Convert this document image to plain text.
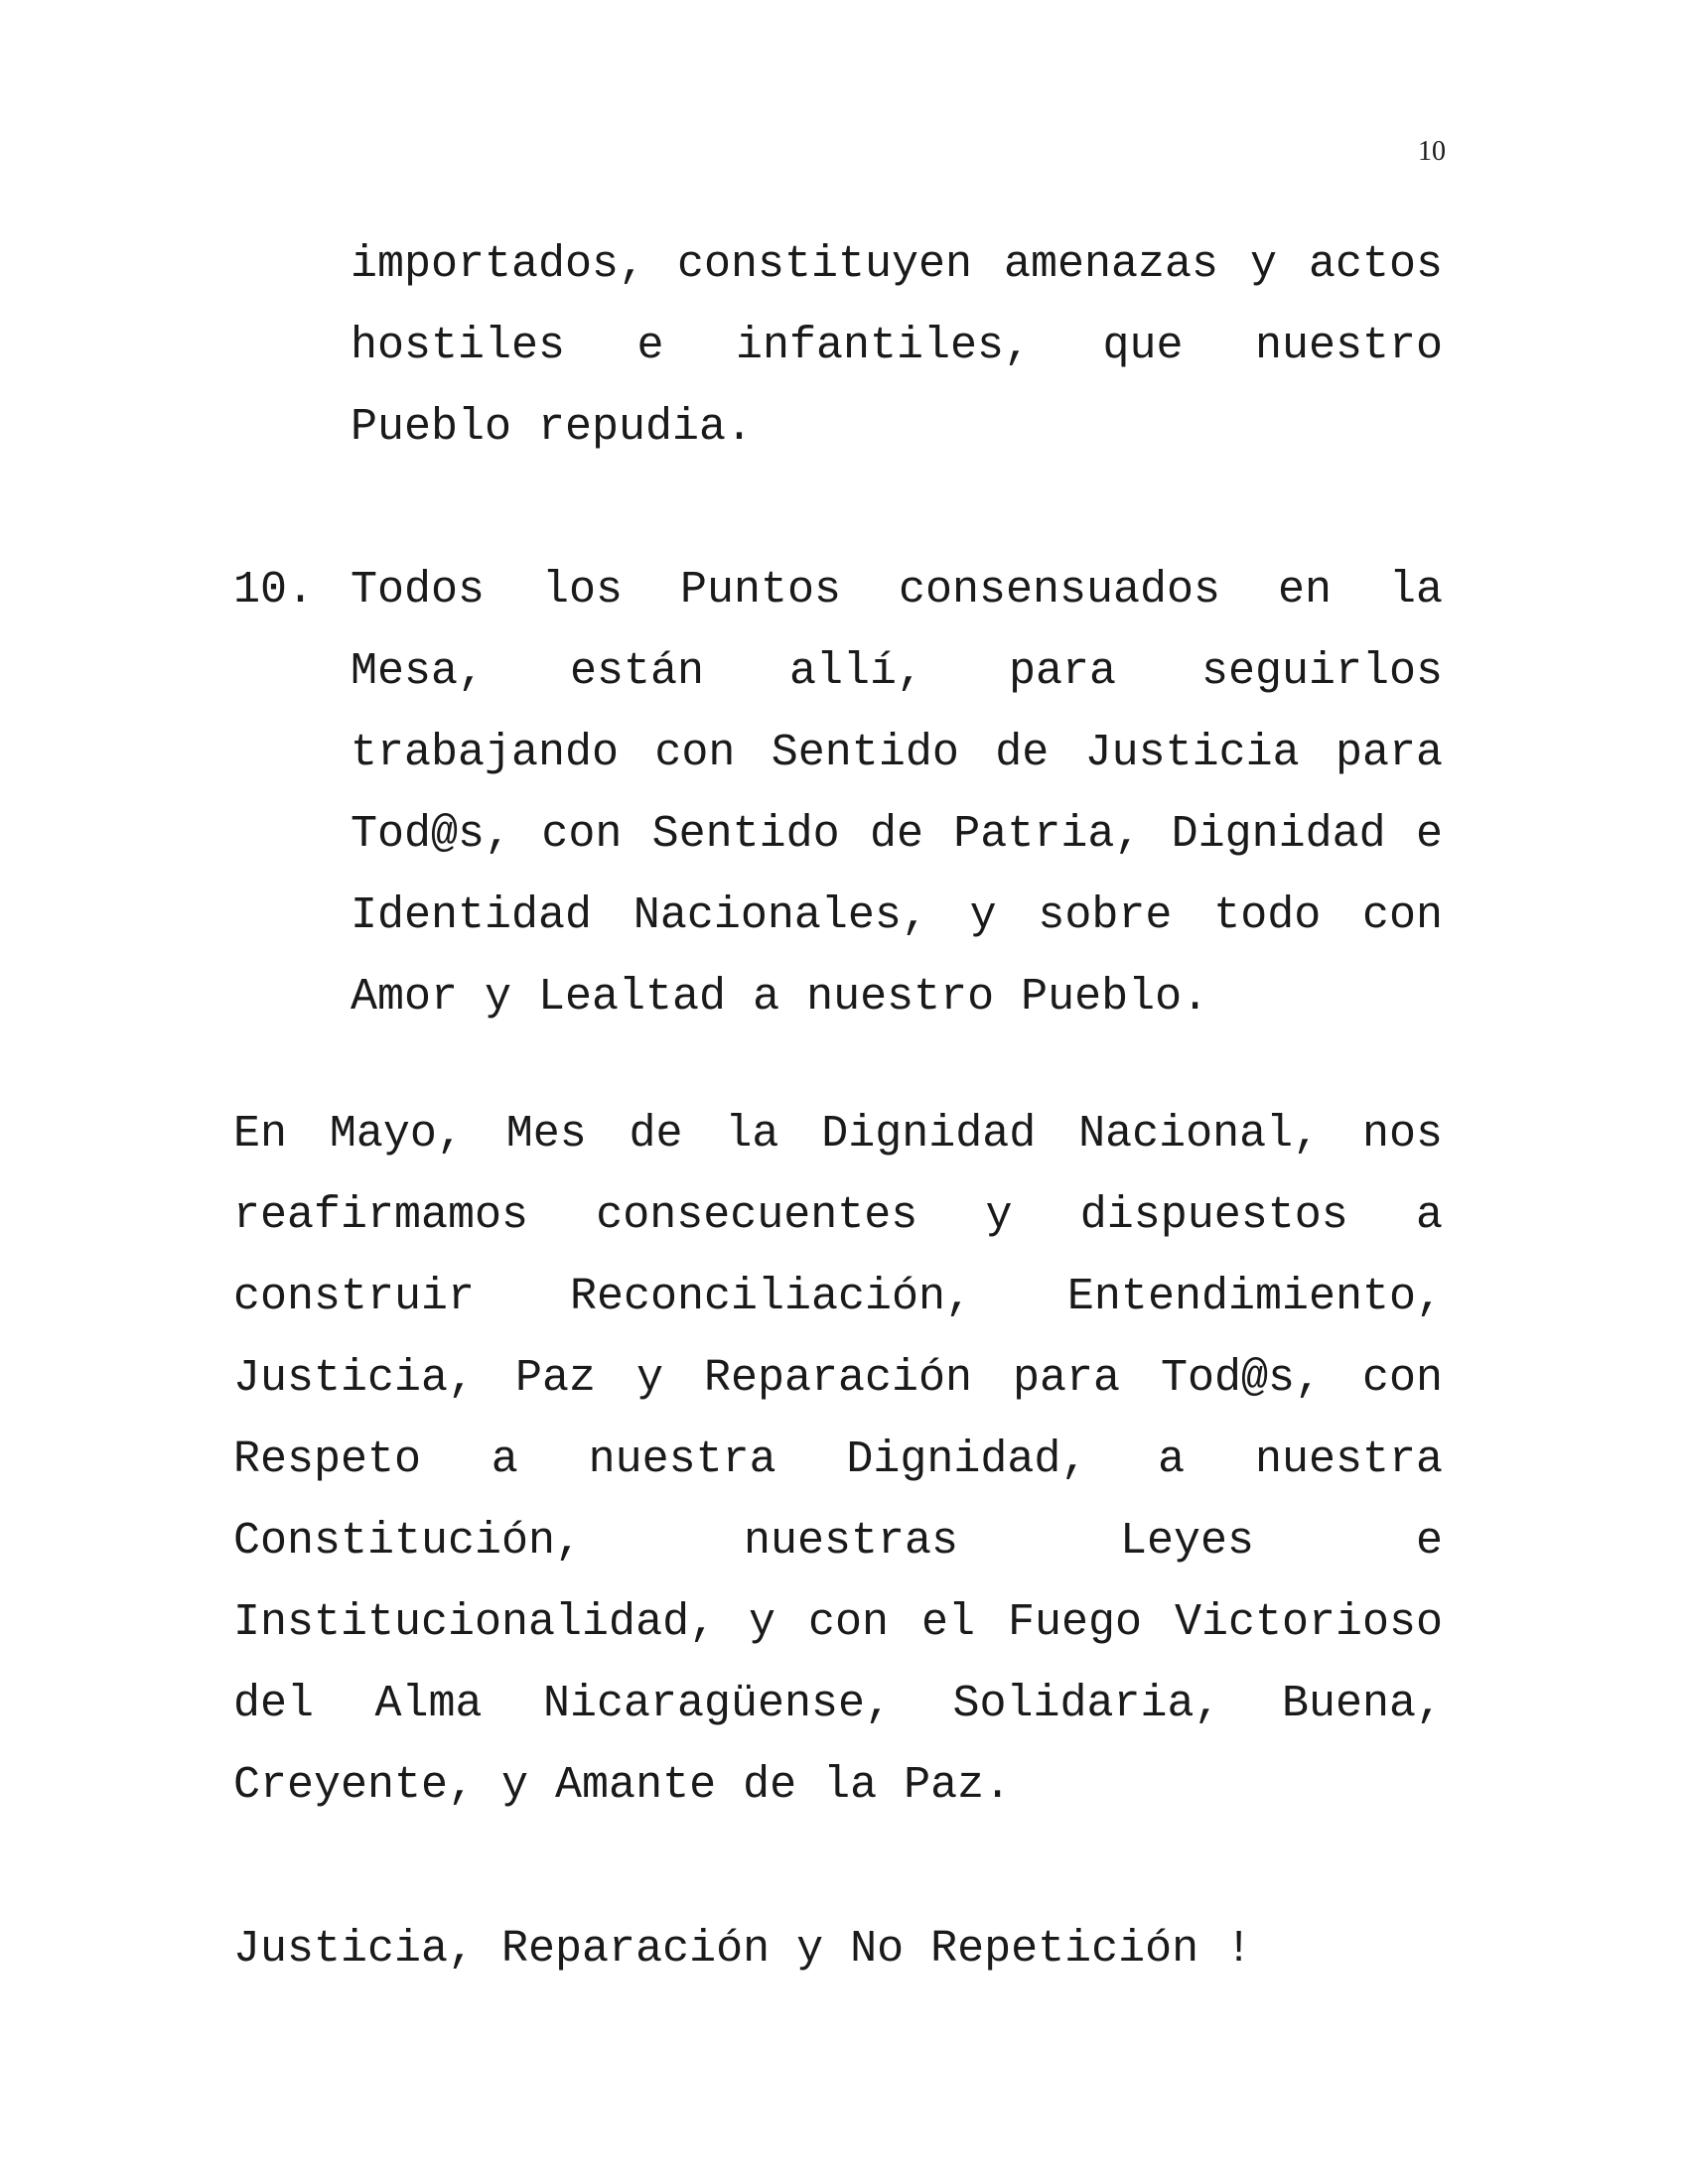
10
importados, constituyen amenazas y actos hostiles e infantiles, que nuestro Pueblo repudia.
10. Todos los Puntos consensuados en la Mesa, están allí, para seguirlos trabajando con Sentido de Justicia para Tod@s, con Sentido de Patria, Dignidad e Identidad Nacionales, y sobre todo con Amor y Lealtad a nuestro Pueblo.
En Mayo, Mes de la Dignidad Nacional, nos reafirmamos consecuentes y dispuestos a construir Reconciliación, Entendimiento, Justicia, Paz y Reparación para Tod@s, con Respeto a nuestra Dignidad, a nuestra Constitución, nuestras Leyes e Institucionalidad, y con el Fuego Victorioso del Alma Nicaragüense, Solidaria, Buena, Creyente, y Amante de la Paz.
Justicia, Reparación y No Repetición !
